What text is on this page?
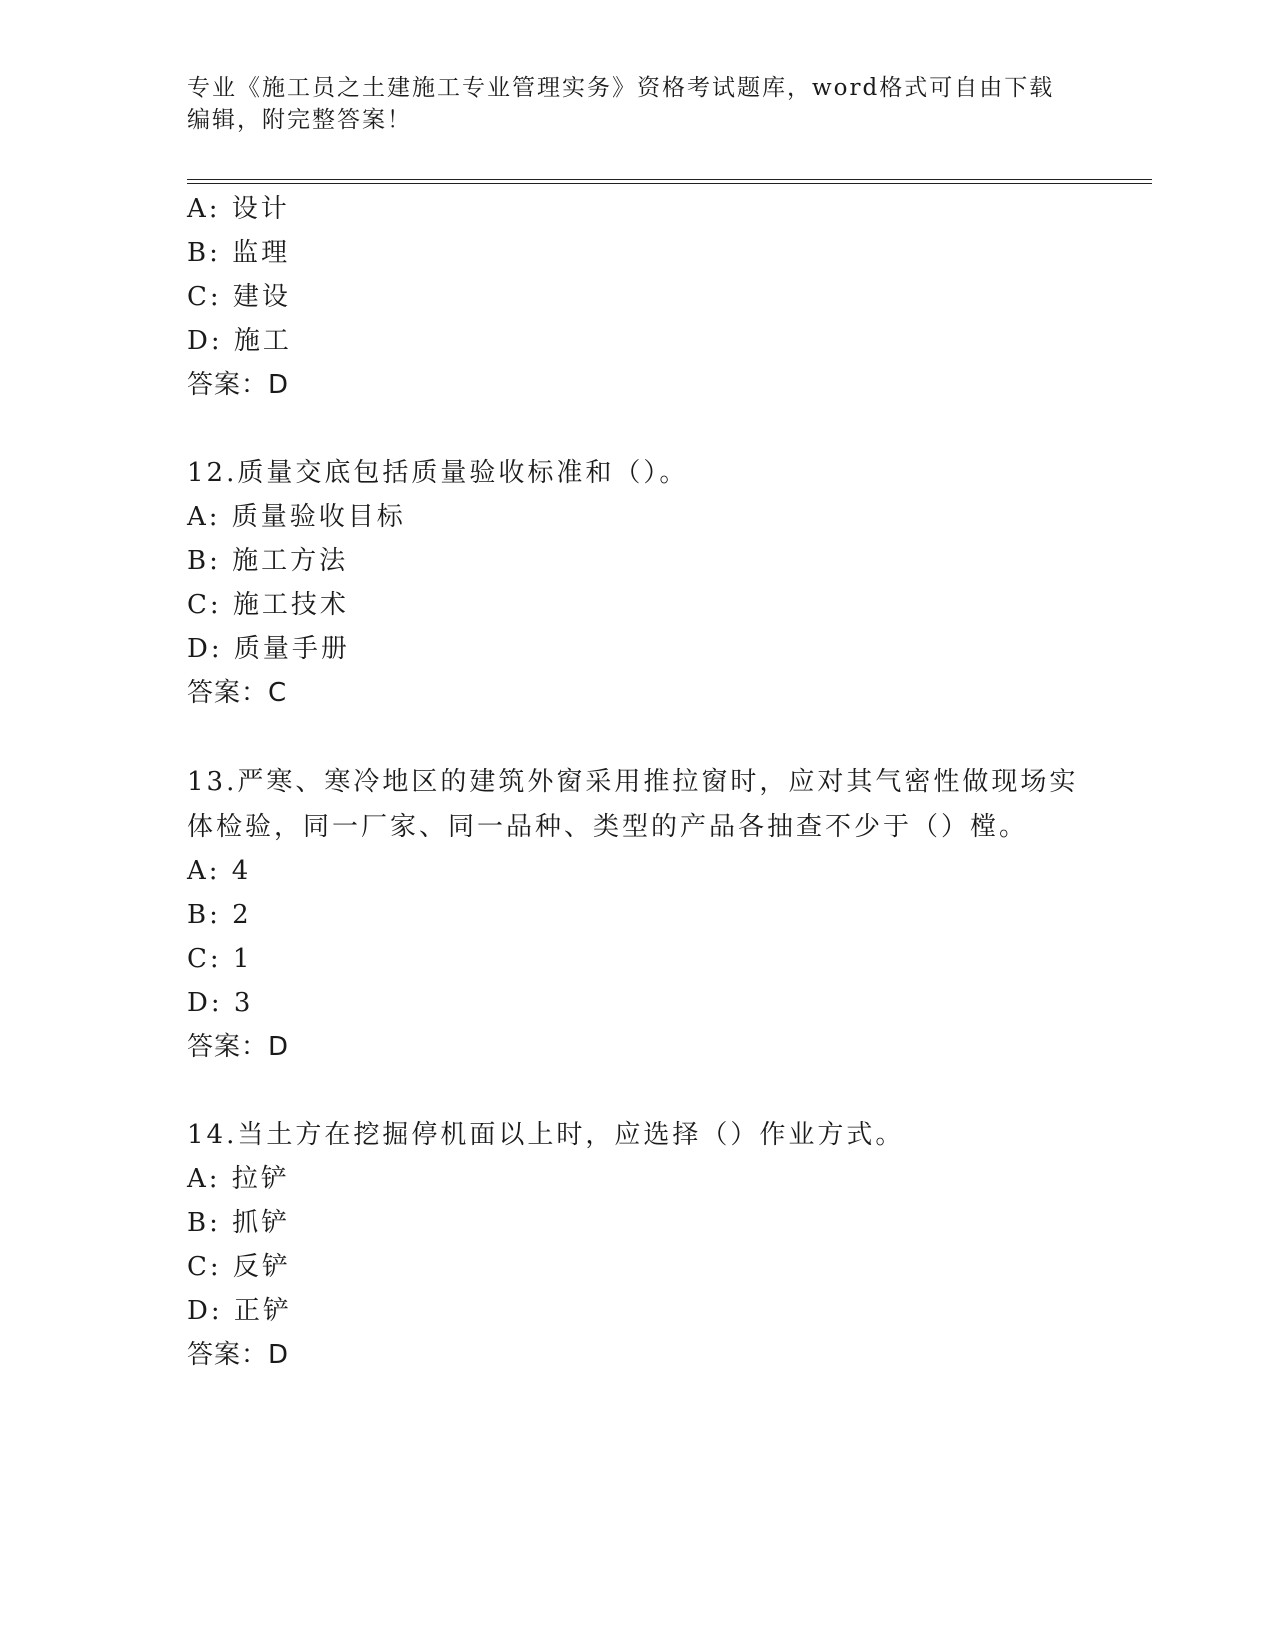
专业《施工员之土建施工专业管理实务》资格考试题库，word格式可自由下载编辑，附完整答案！
A: 设计
B: 监理
C: 建设
D: 施工
答案：D
12.质量交底包括质量验收标准和（）。
A: 质量验收目标
B: 施工方法
C: 施工技术
D: 质量手册
答案：C
13.严寒、寒冷地区的建筑外窗采用推拉窗时，应对其气密性做现场实
体检验，同一厂家、同一品种、类型的产品各抽查不少于（）樘。
A: 4
B: 2
C: 1
D: 3
答案：D
14.当土方在挖掘停机面以上时，应选择（）作业方式。
A: 拉铲
B: 抓铲
C: 反铲
D: 正铲
答案：D
